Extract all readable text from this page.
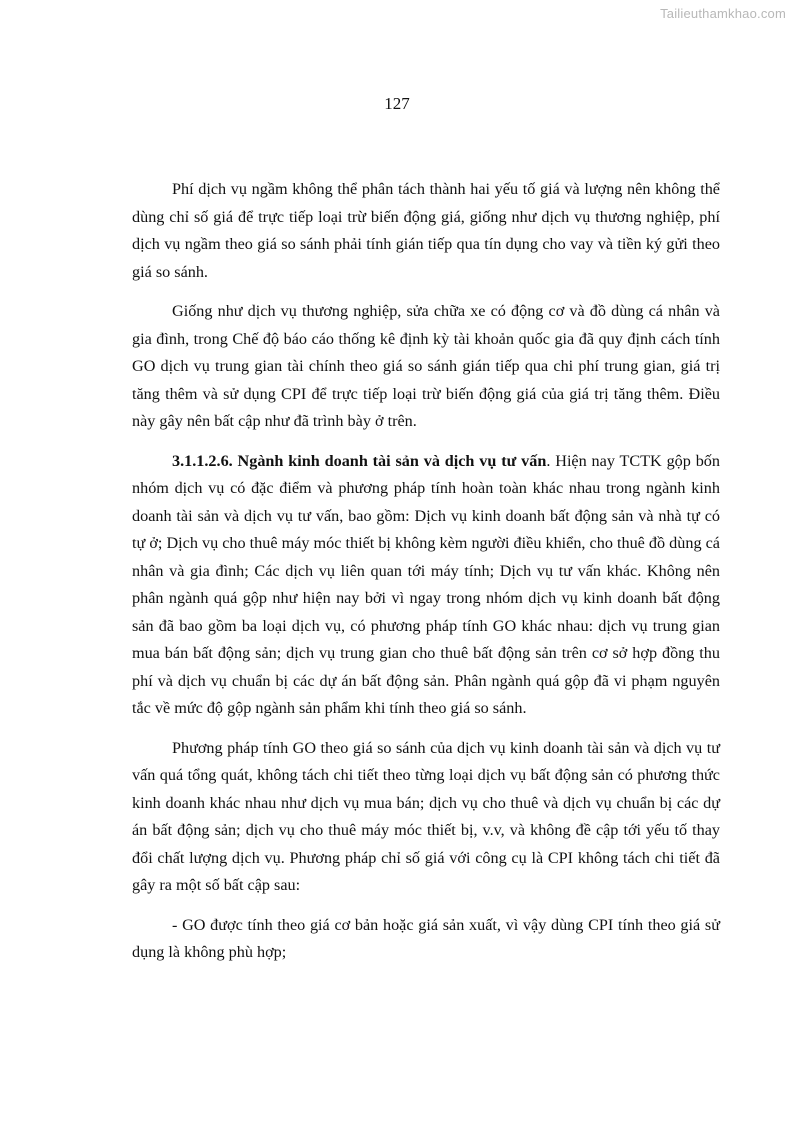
Tailieuthamkhao.com
127

Phí dịch vụ ngầm không thể phân tách thành hai yếu tố giá và lượng nên không thể dùng chỉ số giá để trực tiếp loại trừ biến động giá, giống như dịch vụ thương nghiệp, phí dịch vụ ngầm theo giá so sánh phải tính gián tiếp qua tín dụng cho vay và tiền ký gửi theo giá so sánh.

Giống như dịch vụ thương nghiệp, sửa chữa xe có động cơ và đồ dùng cá nhân và gia đình, trong Chế độ báo cáo thống kê định kỳ tài khoản quốc gia đã quy định cách tính GO dịch vụ trung gian tài chính theo giá so sánh gián tiếp qua chi phí trung gian, giá trị tăng thêm và sử dụng CPI để trực tiếp loại trừ biến động giá của giá trị tăng thêm. Điều này gây nên bất cập như đã trình bày ở trên.

3.1.1.2.6. Ngành kinh doanh tài sản và dịch vụ tư vấn. Hiện nay TCTK gộp bốn nhóm dịch vụ có đặc điểm và phương pháp tính hoàn toàn khác nhau trong ngành kinh doanh tài sản và dịch vụ tư vấn, bao gồm: Dịch vụ kinh doanh bất động sản và nhà tự có tự ở; Dịch vụ cho thuê máy móc thiết bị không kèm người điều khiển, cho thuê đồ dùng cá nhân và gia đình; Các dịch vụ liên quan tới máy tính; Dịch vụ tư vấn khác. Không nên phân ngành quá gộp như hiện nay bởi vì ngay trong nhóm dịch vụ kinh doanh bất động sản đã bao gồm ba loại dịch vụ, có phương pháp tính GO khác nhau: dịch vụ trung gian mua bán bất động sản; dịch vụ trung gian cho thuê bất động sản trên cơ sở hợp đồng thu phí và dịch vụ chuẩn bị các dự án bất động sản. Phân ngành quá gộp đã vi phạm nguyên tắc về mức độ gộp ngành sản phẩm khi tính theo giá so sánh.

Phương pháp tính GO theo giá so sánh của dịch vụ kinh doanh tài sản và dịch vụ tư vấn quá tổng quát, không tách chi tiết theo từng loại dịch vụ bất động sản có phương thức kinh doanh khác nhau như dịch vụ mua bán; dịch vụ cho thuê và dịch vụ chuẩn bị các dự án bất động sản; dịch vụ cho thuê máy móc thiết bị, v.v, và không đề cập tới yếu tố thay đổi chất lượng dịch vụ. Phương pháp chỉ số giá với công cụ là CPI không tách chi tiết đã gây ra một số bất cập sau:

- GO được tính theo giá cơ bản hoặc giá sản xuất, vì vậy dùng CPI tính theo giá sử dụng là không phù hợp;
